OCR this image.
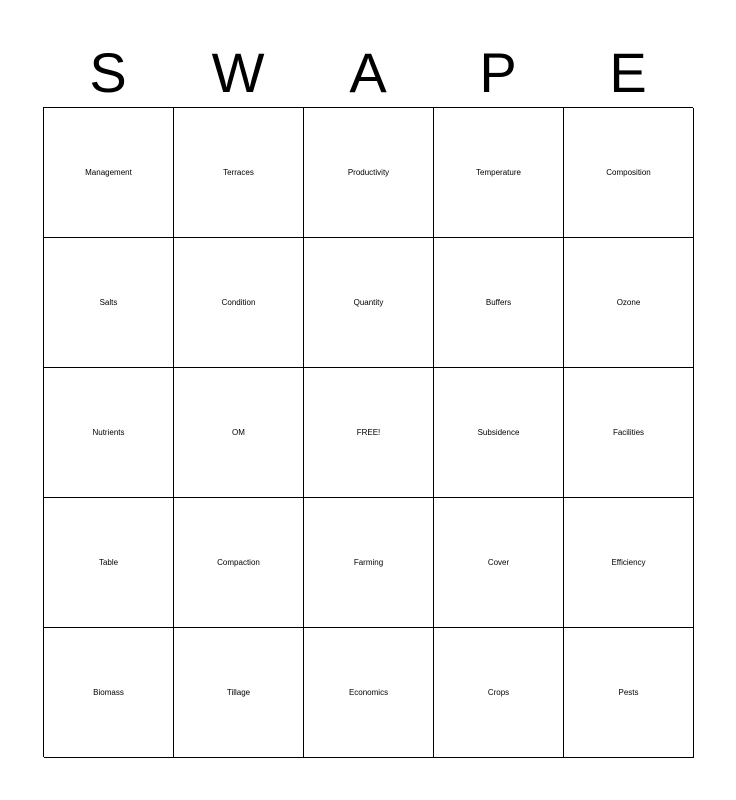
S	W	A	P	E
Management	Terraces	Productivity	Temperature	Composition
Salts	Condition	Quantity	Buffers	Ozone
Nutrients	OM	FREE!	Subsidence	Facilities
Table	Compaction	Farming	Cover	Efficiency
Biomass	Tillage	Economics	Crops	Pests
